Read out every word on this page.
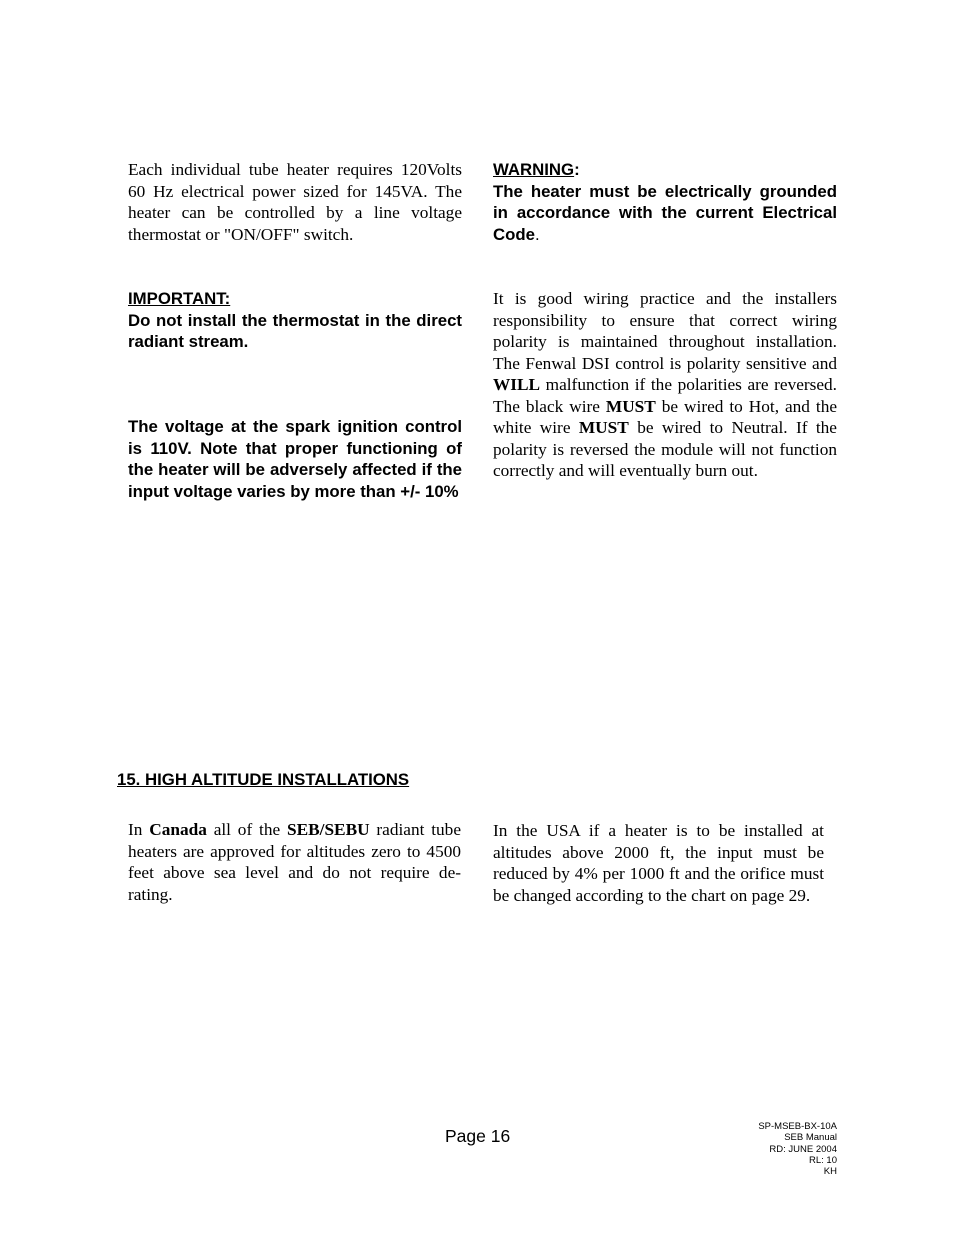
Each individual tube heater requires 120Volts 60 Hz electrical power sized for 145VA. The heater can be controlled by a line voltage thermostat or "ON/OFF" switch.
IMPORTANT:
Do not install the thermostat in the direct
radiant stream.
The voltage at the spark ignition control is 110V. Note that proper functioning of the heater will be adversely affected if the input voltage varies by more than +/- 10%
WARNING:
The heater must be electrically grounded in accordance with the current Electrical Code.
It is good wiring practice and the installers responsibility to ensure that correct wiring polarity is maintained throughout installation. The Fenwal DSI control is polarity sensitive and WILL malfunction if the polarities are reversed. The black wire MUST be wired to Hot, and the white wire MUST be wired to Neutral. If the polarity is reversed the module will not function correctly and will eventually burn out.
15. HIGH ALTITUDE INSTALLATIONS
In Canada all of the SEB/SEBU radiant tube heaters are approved for altitudes zero to 4500 feet above sea level and do not require de-rating.
In the USA if a heater is to be installed at altitudes above 2000 ft, the input must be reduced by 4% per 1000 ft and the orifice must be changed according to the chart on page 29.
Page 16	SP-MSEB-BX-10A
SEB Manual
RD: JUNE 2004
RL: 10
KH
